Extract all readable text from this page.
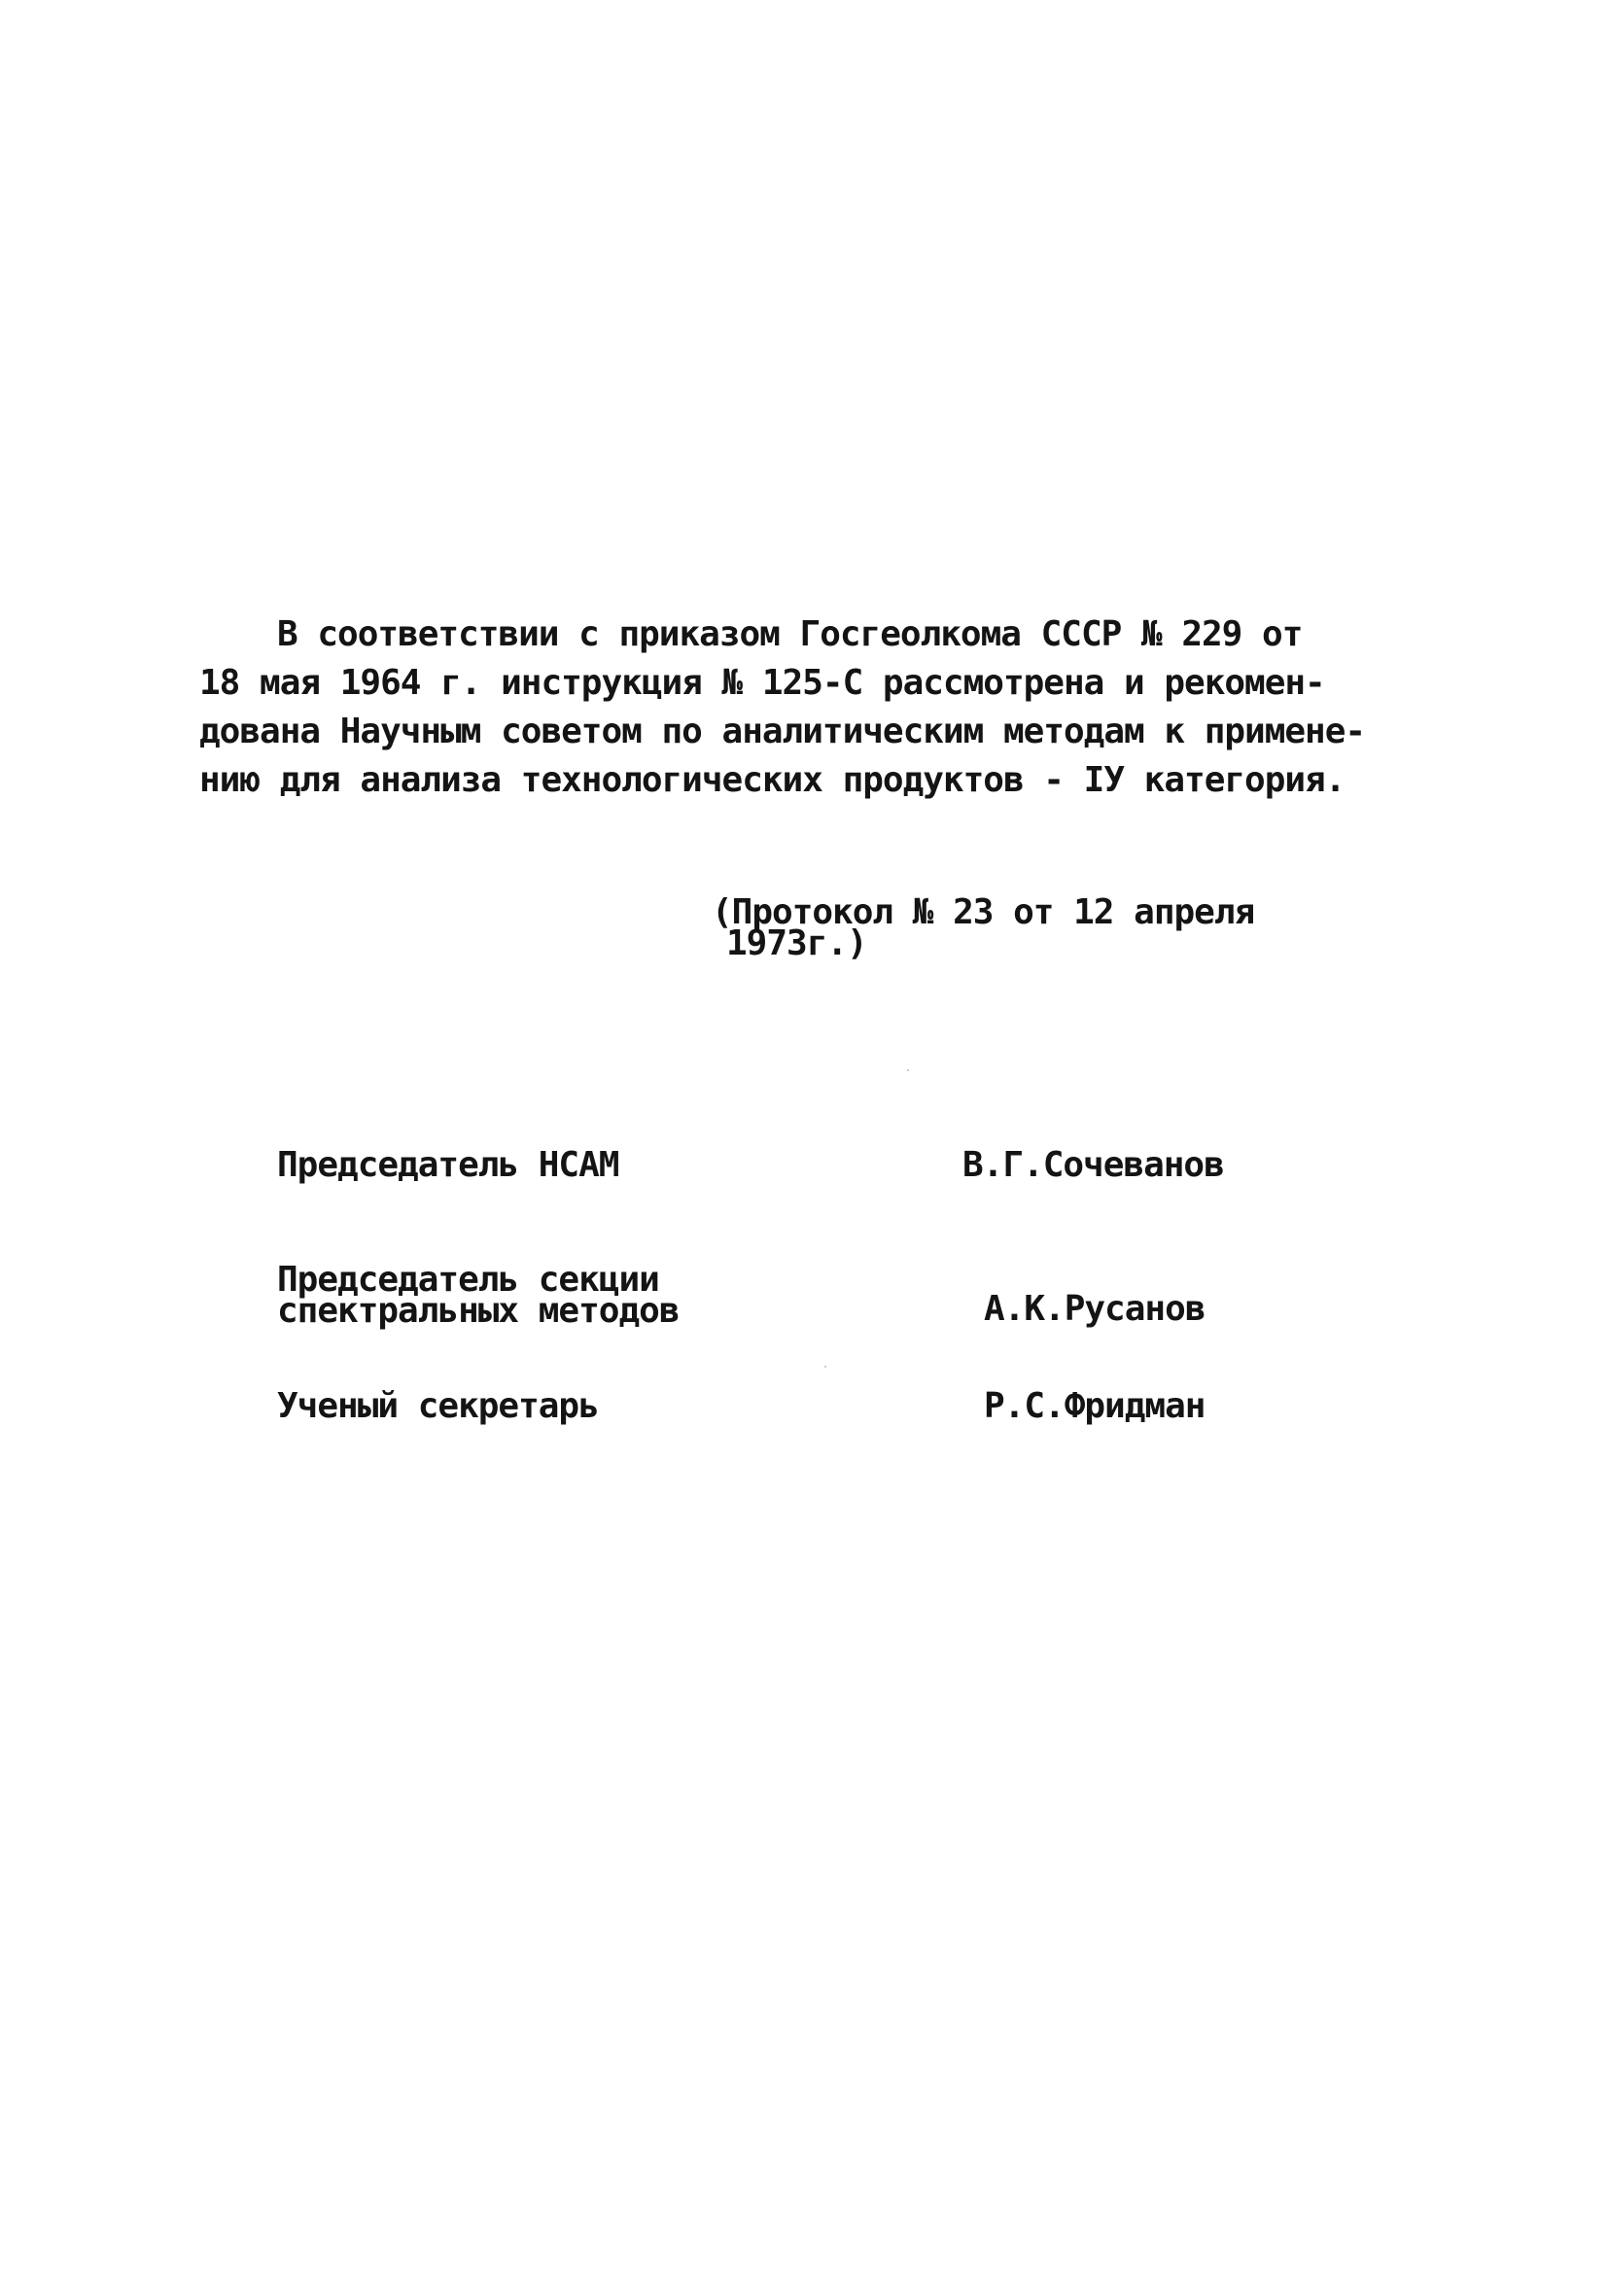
В соответствии с приказом Госгеолкома СССР № 229 от
18 мая 1964 г. инструкция № 125-С рассмотрена и рекомен-
дована Научным советом по аналитическим методам к примене-
нию для анализа технологических продуктов - IУ категория.
(Протокол № 23 от 12 апреля
1973г.)
Председатель НСАМ	В.Г.Сочеванов
Председатель секции
спектральных методов	А.К.Русанов
Ученый секретарь	Р.С.Фридман
